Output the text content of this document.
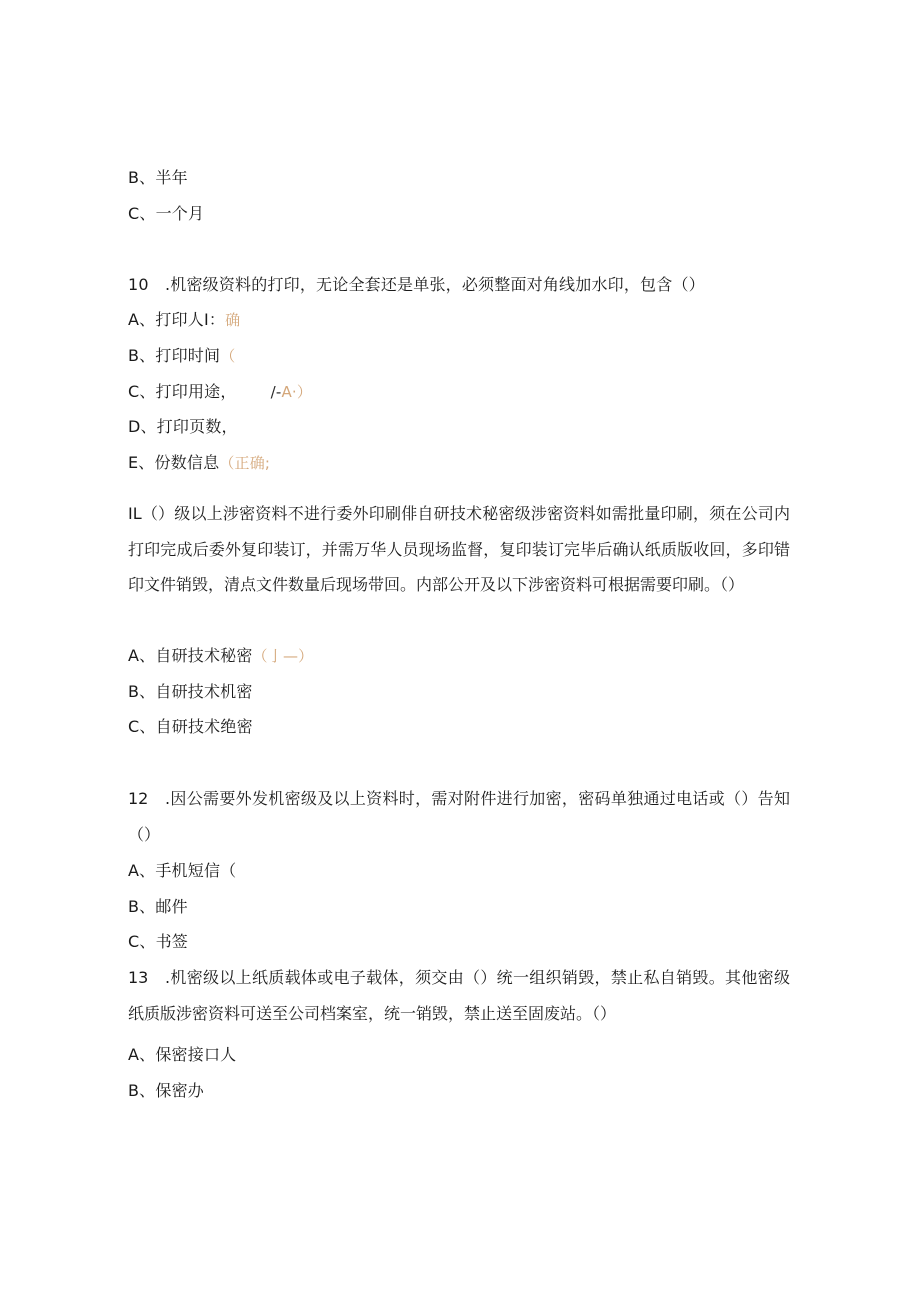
B、半年
C、一个月
10　.机密级资料的打印，无论全套还是单张，必须整面对角线加水印，包含（）
A、打印人I：确
B、打印时间（
C、打印用途， /-A·）
D、打印页数，
E、份数信息（正确;
IL（）级以上涉密资料不进行委外印刷俳自研技术秘密级涉密资料如需批量印刷，须在公司内打印完成后委外复印装订，并需万华人员现场监督，复印装订完毕后确认纸质版收回，多印错印文件销毁，清点文件数量后现场带回。内部公开及以下涉密资料可根据需要印刷。（）
A、自研技术秘密（亅—）
B、自研技术机密
C、自研技术绝密
12　.因公需要外发机密级及以上资料时，需对附件进行加密，密码单独通过电话或（）告知（）
A、手机短信（
B、邮件
C、书签
13　.机密级以上纸质载体或电子载体，须交由（）统一组织销毁，禁止私自销毁。其他密级纸质版涉密资料可送至公司档案室，统一销毁，禁止送至固废站。（）
A、保密接口人
B、保密办
